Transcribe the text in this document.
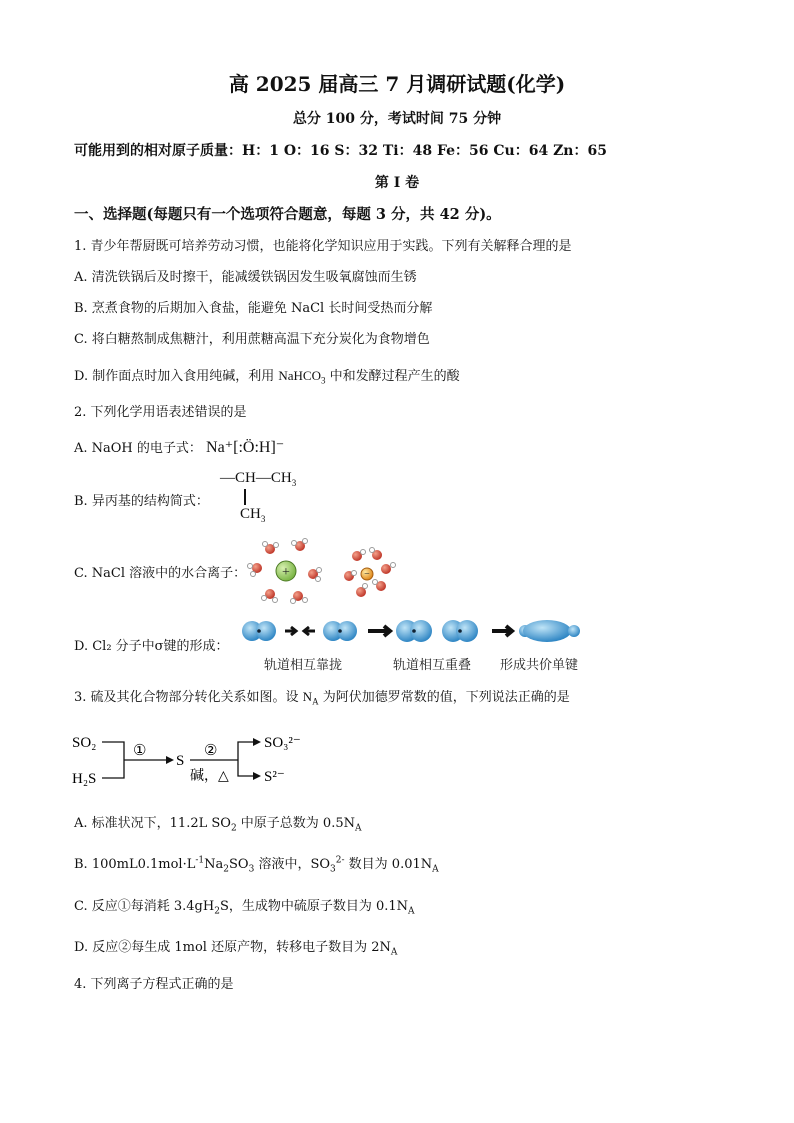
高 2025 届高三 7 月调研试题(化学)
总分 100 分，考试时间 75 分钟
可能用到的相对原子质量：H：1 O：16 S：32 Ti：48 Fe：56 Cu：64 Zn：65
第 I 卷
一、选择题(每题只有一个选项符合题意，每题 3 分，共 42 分)。
1. 青少年帮厨既可培养劳动习惯，也能将化学知识应用于实践。下列有关解释合理的是
A. 清洗铁锅后及时擦干，能减缓铁锅因发生吸氧腐蚀而生锈
B. 烹煮食物的后期加入食盐，能避免 NaCl 长时间受热而分解
C. 将白糖熬制成焦糖汁，利用蔗糖高温下充分炭化为食物增色
D. 制作面点时加入食用纯碱，利用 NaHCO$_3$ 中和发酵过程产生的酸
2. 下列化学用语表述错误的是
A. NaOH 的电子式： Na⁺[:Ö:H]⁻
B. 异丙基的结构简式：
$—CH—CH_3$
$CH_3$
C. NaCl 溶液中的水合离子：	+	−
D. Cl₂ 分子中σ键的形成：
轨道相互靠拢	轨道相互重叠 形成共价单键
3. 硫及其化合物部分转化关系如图。设 $N_A$ 为阿伏加德罗常数的值，下列说法正确的是
SO₂
H₂S
①
S
②
碱，△
SO₃²⁻
S²⁻
A. 标准状况下，11.2L $SO_2$ 中原子总数为 $0.5N_A$
B. $100mL0.1mol\cdot L^{-1}Na_2SO_3$ 溶液中，$SO_3^{2-}$ 数目为 $0.01N_A$
C. 反应①每消耗 $3.4gH_2S$，生成物中硫原子数目为 $0.1N_A$
D. 反应②每生成 1mol 还原产物，转移电子数目为 $2N_A$
4. 下列离子方程式正确的是
